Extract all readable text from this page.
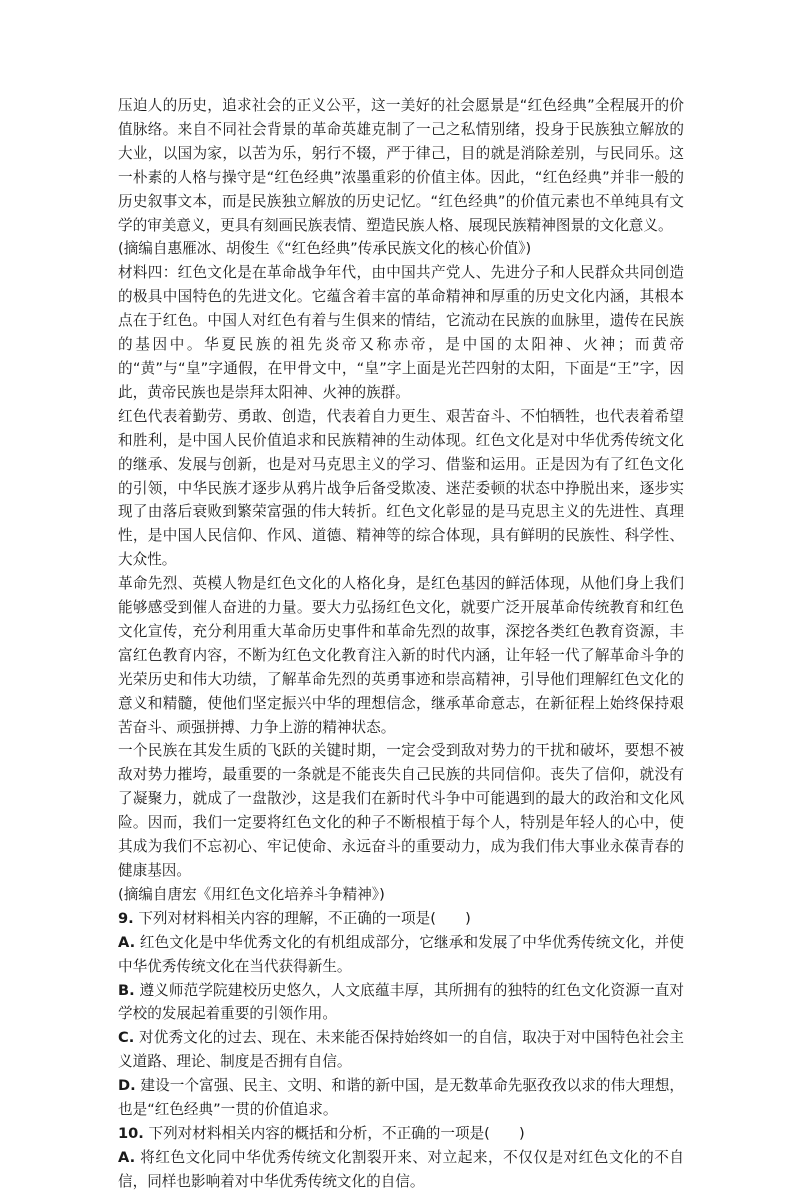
压迫人的历史，追求社会的正义公平，这一美好的社会愿景是“红色经典”全程展开的价值脉络。来自不同社会背景的革命英雄克制了一己之私情别绪，投身于民族独立解放的大业，以国为家，以苦为乐，躬行不辍，严于律己，目的就是消除差别，与民同乐。这一朴素的人格与操守是“红色经典”浓墨重彩的价值主体。因此，“红色经典”并非一般的历史叙事文本，而是民族独立解放的历史记忆。“红色经典”的价值元素也不单纯具有文学的审美意义，更具有刻画民族表情、塑造民族人格、展现民族精神图景的文化意义。

(摘编自惠雁冰、胡俊生《“红色经典”传承民族文化的核心价值》)

材料四：红色文化是在革命战争年代，由中国共产党人、先进分子和人民群众共同创造的极具中国特色的先进文化。它蕴含着丰富的革命精神和厚重的历史文化内涵，其根本点在于红色。中国人对红色有着与生俱来的情结，它流动在民族的血脉里，遗传在民族的基因中。华夏民族的祖先炎帝又称赤帝，是中国的太阳神、火神；而黄帝的“黄”与“皇”字通假，在甲骨文中，“皇”字上面是光芒四射的太阳，下面是“王”字，因此，黄帝民族也是崇拜太阳神、火神的族群。

红色代表着勤劳、勇敢、创造，代表着自力更生、艰苦奋斗、不怕牺牲，也代表着希望和胜利，是中国人民价值追求和民族精神的生动体现。红色文化是对中华优秀传统文化的继承、发展与创新，也是对马克思主义的学习、借鉴和运用。正是因为有了红色文化的引领，中华民族才逐步从鸦片战争后备受欺凌、迷茫委顿的状态中挣脱出来，逐步实现了由落后衰败到繁荣富强的伟大转折。红色文化彰显的是马克思主义的先进性、真理性，是中国人民信仰、作风、道德、精神等的综合体现，具有鲜明的民族性、科学性、大众性。

革命先烈、英模人物是红色文化的人格化身，是红色基因的鲜活体现，从他们身上我们能够感受到催人奋进的力量。要大力弘扬红色文化，就要广泛开展革命传统教育和红色文化宣传，充分利用重大革命历史事件和革命先烈的故事，深挖各类红色教育资源，丰富红色教育内容，不断为红色文化教育注入新的时代内涵，让年轻一代了解革命斗争的光荣历史和伟大功绩，了解革命先烈的英勇事迹和崇高精神，引导他们理解红色文化的意义和精髓，使他们坚定振兴中华的理想信念，继承革命意志，在新征程上始终保持艰苦奋斗、顽强拼搏、力争上游的精神状态。

一个民族在其发生质的飞跃的关键时期，一定会受到敌对势力的干扰和破坏，要想不被敌对势力摧垮，最重要的一条就是不能丧失自己民族的共同信仰。丧失了信仰，就没有了凝聚力，就成了一盘散沙，这是我们在新时代斗争中可能遇到的最大的政治和文化风险。因而，我们一定要将红色文化的种子不断根植于每个人，特别是年轻人的心中，使其成为我们不忘初心、牢记使命、永远奋斗的重要动力，成为我们伟大事业永葆青春的健康基因。

(摘编自唐宏《用红色文化培养斗争精神》)

9. 下列对材料相关内容的理解，不正确的一项是(　　)

A. 红色文化是中华优秀文化的有机组成部分，它继承和发展了中华优秀传统文化，并使中华优秀传统文化在当代获得新生。

B. 遵义师范学院建校历史悠久，人文底蕴丰厚，其所拥有的独特的红色文化资源一直对学校的发展起着重要的引领作用。

C. 对优秀文化的过去、现在、未来能否保持始终如一的自信，取决于对中国特色社会主义道路、理论、制度是否拥有自信。

D. 建设一个富强、民主、文明、和谐的新中国，是无数革命先驱孜孜以求的伟大理想，也是“红色经典”一贯的价值追求。

10. 下列对材料相关内容的概括和分析，不正确的一项是(　　)

A. 将红色文化同中华优秀传统文化割裂开来、对立起来，不仅仅是对红色文化的不自信，同样也影响着对中华优秀传统文化的自信。
